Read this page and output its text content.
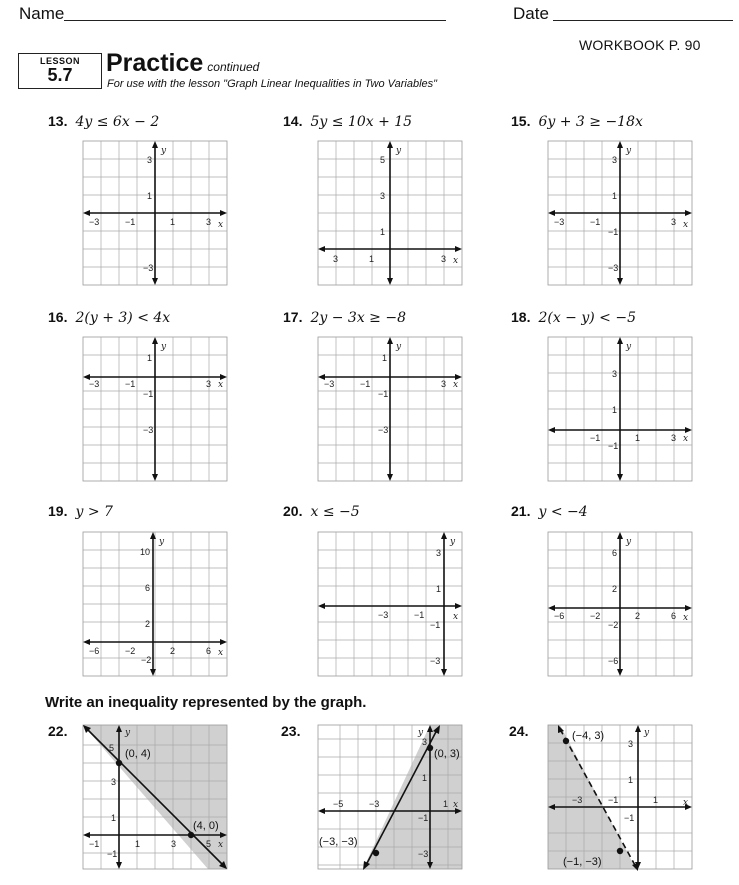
Name	Date
WORKBOOK P. 90
LESSON
5.7	Practice continued
For use with the lesson "Graph Linear Inequalities in Two Variables"
13. 4y ≤ 6x − 2	14. 5y ≤ 10x + 15	15. 6y + 3 ≥ −18x
16. 2(y + 3) < 4x	17. 2y − 3x ≥ −8	18. 2(x − y) < −5
19. y > 7	20. x ≤ −5	21. y < −4
Write an inequality represented by the graph.
22.	23.	24.
−3	−1	1	3
3
1
−3
x
y
3	1	3
5
3
1
x
y
−3	−1	3
3
1
−1
−3
x
y
−3	−1	3
1
−1
−3
x
y
−3	−1	3
1
−1
−3
x
y
−1	1	3
3
1
−1
x
y
−6	−2	2	6
10
6
2
−2
x
y
−3	−1
3
1
−1
−3
x
y
−6	−2	2	6
6
2
−2
−6
x
y
(0, 4)
(4, 0)
−1	1	3	5
5
3
1
−1
x
y
(0, 3)
(−3, −3)
−5	−3	1
3
1
−1
−3
x
y	(−4, 3)
(−1, −3)
−3	−1	1
3
1
−1
x
y
